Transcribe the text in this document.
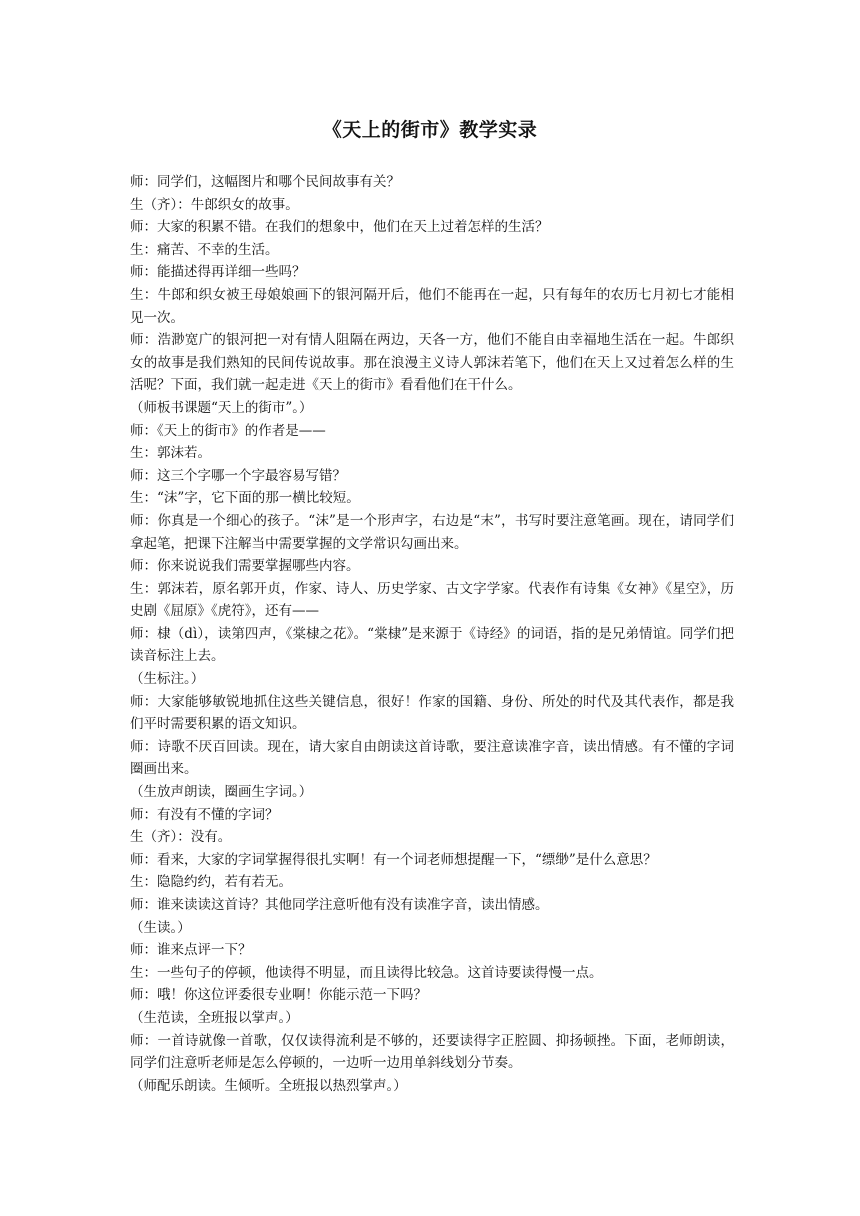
《天上的街市》教学实录

师：同学们，这幅图片和哪个民间故事有关？

生（齐）：牛郎织女的故事。

师：大家的积累不错。在我们的想象中，他们在天上过着怎样的生活？

生：痛苦、不幸的生活。

师：能描述得再详细一些吗？

生：牛郎和织女被王母娘娘画下的银河隔开后，他们不能再在一起，只有每年的农历七月初七才能相见一次。

师：浩渺宽广的银河把一对有情人阻隔在两边，天各一方，他们不能自由幸福地生活在一起。牛郎织女的故事是我们熟知的民间传说故事。那在浪漫主义诗人郭沫若笔下，他们在天上又过着怎么样的生活呢？下面，我们就一起走进《天上的街市》看看他们在干什么。

（师板书课题“天上的街市”。）

师：《天上的街市》的作者是——

生：郭沫若。

师：这三个字哪一个字最容易写错？

生：“沫”字，它下面的那一横比较短。

师：你真是一个细心的孩子。“沫”是一个形声字，右边是“末”，书写时要注意笔画。现在，请同学们拿起笔，把课下注解当中需要掌握的文学常识勾画出来。

师：你来说说我们需要掌握哪些内容。

生：郭沫若，原名郭开贞，作家、诗人、历史学家、古文字学家。代表作有诗集《女神》《星空》，历史剧《屈原》《虎符》，还有——

师：棣（dì），读第四声，《棠棣之花》。“棠棣”是来源于《诗经》的词语，指的是兄弟情谊。同学们把读音标注上去。

（生标注。）

师：大家能够敏锐地抓住这些关键信息，很好！作家的国籍、身份、所处的时代及其代表作，都是我们平时需要积累的语文知识。

师：诗歌不厌百回读。现在，请大家自由朗读这首诗歌，要注意读准字音，读出情感。有不懂的字词圈画出来。

（生放声朗读，圈画生字词。）

师：有没有不懂的字词？

生（齐）：没有。

师：看来，大家的字词掌握得很扎实啊！有一个词老师想提醒一下，“缥缈”是什么意思？

生：隐隐约约，若有若无。

师：谁来读读这首诗？其他同学注意听他有没有读准字音，读出情感。

（生读。）

师：谁来点评一下？

生：一些句子的停顿，他读得不明显，而且读得比较急。这首诗要读得慢一点。

师：哦！你这位评委很专业啊！你能示范一下吗？

（生范读，全班报以掌声。）

师：一首诗就像一首歌，仅仅读得流利是不够的，还要读得字正腔圆、抑扬顿挫。下面，老师朗读，同学们注意听老师是怎么停顿的，一边听一边用单斜线划分节奏。

（师配乐朗读。生倾听。全班报以热烈掌声。）
